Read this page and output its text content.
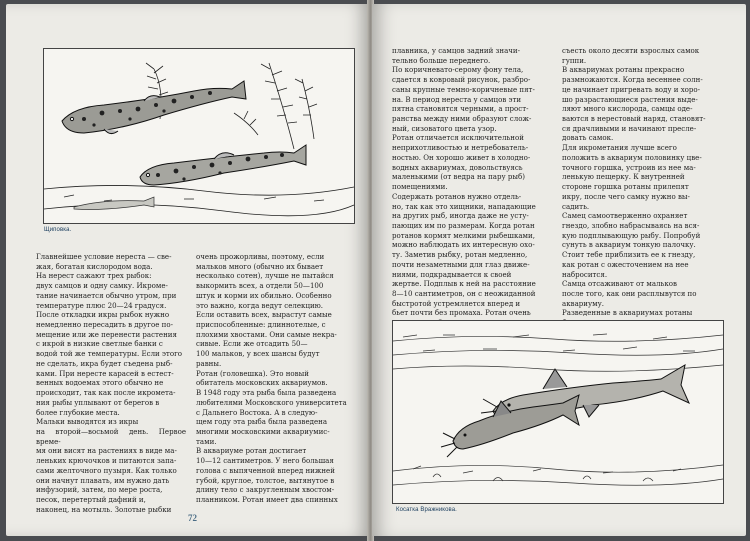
Щиповка.
Главнейшее условие нереста — све-
жая, богатая кислородом вода.
На нерест сажают трех рыбок:
двух самцов и одну самку. Икроме-
тание начинается обычно утром, при
температуре плюс 20—24 градуся.
После откладки икры рыбок нужно
немедленно пересадить в другое по-
мещение или же перенести растения
с икрой в низкие светлые банки с
водой той же температуры. Если этого
не сделать, икра будет съедена рыб-
ками. При нересте карасей в естест-
венных водоемах этого обычно не
происходит, так как после икромета-
ния рыбы уплывают от берегов в
более глубокие места.
Мальки выводятся из икры
на второй—восьмой день. Первое време-
мя они висят на растениях в виде ма-
леньких крючочков и питаются запа-
сами желточного пузыря. Как только
они начнут плавать, им нужно дать
инфузорий, затем, по мере роста,
песок, перетертый дафний и,
наконец, на мотыль. Золотые рыбки
очень прожорливы, поэтому, если
мальков много (обычно их бывает
несколько сотен), лучше не пытайся
выкормить всех, а отдели 50—100
штук и корми их обильно. Особенно
это важно, когда ведут селекцию.
Если оставить всех, вырастут самые
приспособленные: длиннотелые, с
плохими хвостами. Они самые некра-
сивые. Если же отсадить 50—
100 мальков, у всех шансы будут
равны.
Ротан (головешка). Это новый
обитатель московских аквариумов.
В 1948 году эта рыба была разведена
любителями Московского университета
с Дальнего Востока. А в следую-
щем году эта рыба была разведена
многими московскими аквариумис-
тами.
В аквариуме ротан достигает
10—12 сантиметров. У него большая
голова с выпяченной вперед нижней
губой, круглое, толстое, вытянутое в
длину тело с закругленным хвостом-
планником. Ротан имеет два спинных
72
плавника, у самцов задний значи-
тельно больше переднего.
По коричневато-серому фону тела,
сдается в ковровый рисунок, разбро-
саны крупные темно-коричневые пят-
на. В период нереста у самцов эти
пятна становятся черными, а прост-
ранства между ними образуют слож-
ный, сизоватого цвета узор.
Ротан отличается исключительной
неприхотливостью и нетребователь-
ностью. Он хорошо живет в холодно-
водных аквариумах, довольствуясь
маленькими (от ведра на пару рыб)
помещениями.
Содержать ротанов нужно отдель-
но, так как это хищники, нападающие
на других рыб, иногда даже не усту-
пающих им по размерам. Когда ротан
ротанов кормят мелкими рыбешками,
можно наблюдать их интересную охо-
ту. Заметив рыбку, ротан медленно,
почти незаметными для глаз движе-
ниями, подкрадывается к своей
жертве. Подплыв к ней на расстояние
8—10 сантиметров, он с неожиданной
быстротой устремляется вперед и
бьет почти без промаха. Ротан очень

съесть около десяти взрослых самок
гуппи.
В аквариумах ротаны прекрасно
размножаются. Когда весеннее солн-
це начинает пригревать воду и хоро-
шо разрастающиеся растения выде-
ляют много кислорода, самцы оде-
ваются в нерестовый наряд, становят-
ся драчливыми и начинают пресле-
довать самок.
Для икрометания лучше всего
положить в аквариум половинку цве-
точного горшка, устроив из нее ма-
ленькую пещерку. К внутренней
стороне горшка ротаны прилепят
икру, после чего самку нужно вы-
садить.
Самец самоотверженно охраняет
гнездо, злобно набрасываясь на вся-
кую подплывающую рыбу. Попробуй
сунуть в аквариум тонкую палочку.
Стоит тебе приблизить ее к гнезду,
как ротан с ожесточением на нее
набросится.
Самца отсаживают от мальков
после того, как они расплывутся по
аквариуму.
Разведенные в аквариумах ротаны

Косатка Вражникова.
